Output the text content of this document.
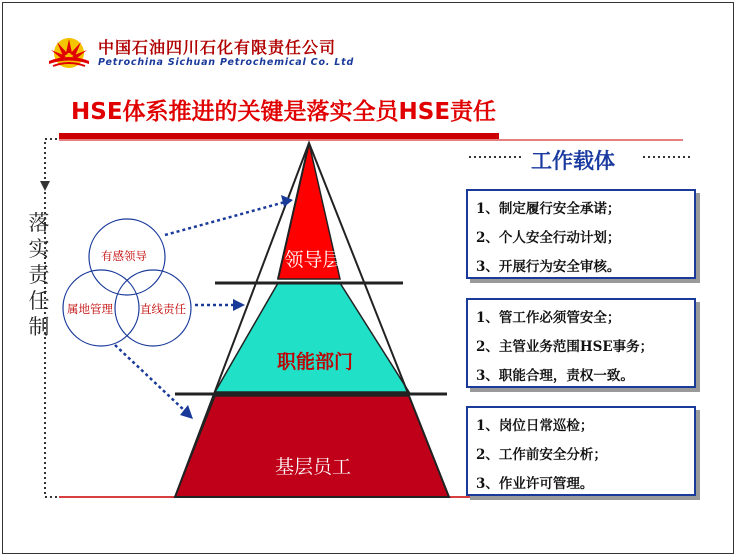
中国石油四川石化有限责任公司
Petrochina Sichuan Petrochemical Co. Ltd
HSE体系推进的关键是落实全员HSE责任
落
实
责
任
制
有感领导
属地管理 直线责任
领导层
职能部门
基层员工
工作载体
1、制定履行安全承诺；
2、个人安全行动计划；
3、开展行为安全审核。
1、管工作必须管安全；
2、主管业务范围HSE事务；
3、职能合理，责权一致。
1、岗位日常巡检；
2、工作前安全分析；
3、作业许可管理。
